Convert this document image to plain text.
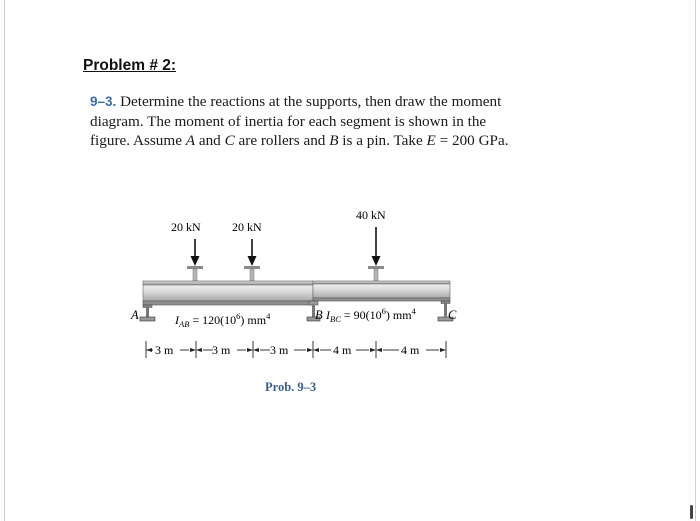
Problem # 2:
9–3. Determine the reactions at the supports, then draw the moment diagram. The moment of inertia for each segment is shown in the figure. Assume A and C are rollers and B is a pin. Take E = 200 GPa.
20 kN	20 kN
40 kN
A	B	C
$I_{AB} = 120(10^6)$ $mm^4$	$I_{BC} = 90(10^6)$ $mm^4$
3 m	3 m	3 m	4 m	4 m
Prob. 9–3
